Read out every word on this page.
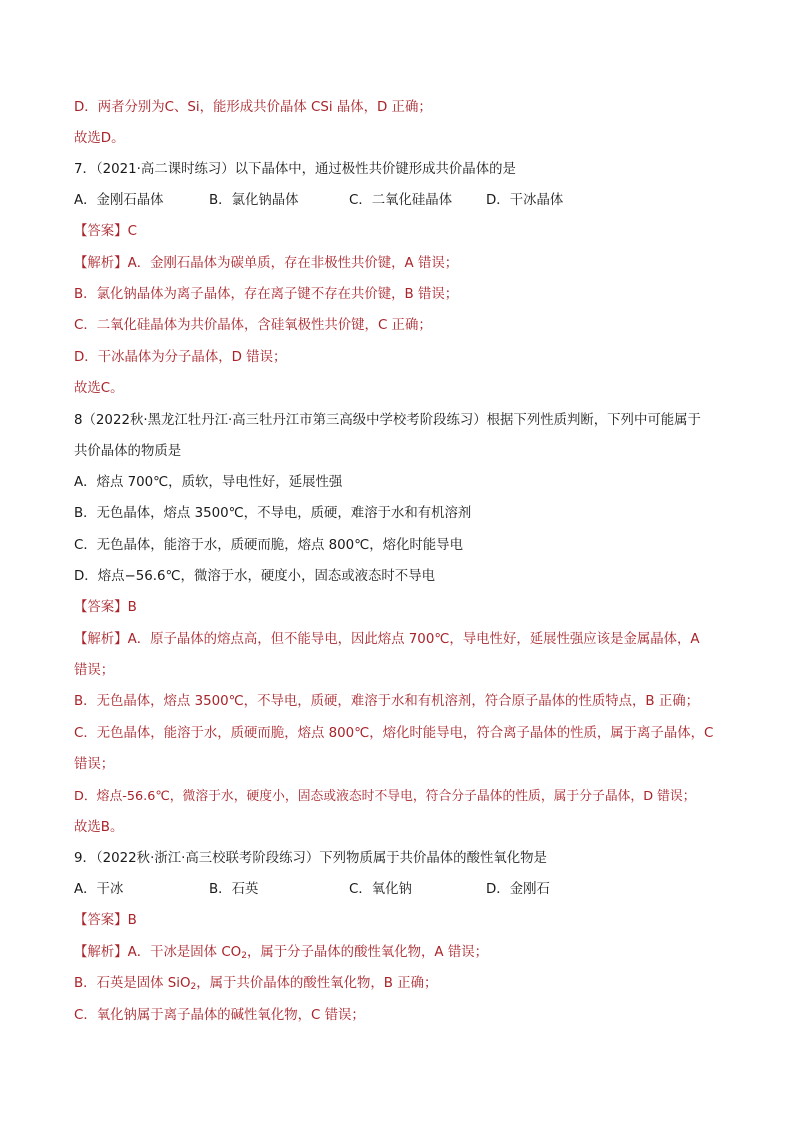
D．两者分别为C、Si，能形成共价晶体 CSi 晶体，D 正确；
故选D。
7．（2021·高二课时练习）以下晶体中，通过极性共价键形成共价晶体的是
A．金刚石晶体	B．氯化钠晶体	C．二氧化硅晶体	D．干冰晶体
【答案】C
【解析】A．金刚石晶体为碳单质，存在非极性共价键，A 错误；
B．氯化钠晶体为离子晶体，存在离子键不存在共价键，B 错误；
C．二氧化硅晶体为共价晶体，含硅氧极性共价键，C 正确；
D．干冰晶体为分子晶体，D 错误；
故选C。
8（2022秋·黑龙江牡丹江·高三牡丹江市第三高级中学校考阶段练习）根据下列性质判断，下列中可能属于
共价晶体的物质是
A．熔点 700℃，质软，导电性好，延展性强
B．无色晶体，熔点 3500℃，不导电，质硬，难溶于水和有机溶剂
C．无色晶体，能溶于水，质硬而脆，熔点 800℃，熔化时能导电
D．熔点−56.6℃，微溶于水，硬度小，固态或液态时不导电
【答案】B
【解析】A．原子晶体的熔点高，但不能导电，因此熔点 700℃，导电性好，延展性强应该是金属晶体，A
错误；
B．无色晶体，熔点 3500℃，不导电，质硬，难溶于水和有机溶剂，符合原子晶体的性质特点，B 正确；
C．无色晶体，能溶于水，质硬而脆，熔点 800℃，熔化时能导电，符合离子晶体的性质，属于离子晶体，C
错误；
D．熔点-56.6℃，微溶于水，硬度小，固态或液态时不导电，符合分子晶体的性质，属于分子晶体，D 错误；
故选B。
9．（2022秋·浙江·高三校联考阶段练习）下列物质属于共价晶体的酸性氧化物是
A．干冰	B．石英	C．氧化钠	D．金刚石
【答案】B
【解析】A．干冰是固体 $CO_2$，属于分子晶体的酸性氧化物，A 错误；
B．石英是固体 SiO$_2$，属于共价晶体的酸性氧化物，B 正确；
C．氧化钠属于离子晶体的碱性氧化物，C 错误；
